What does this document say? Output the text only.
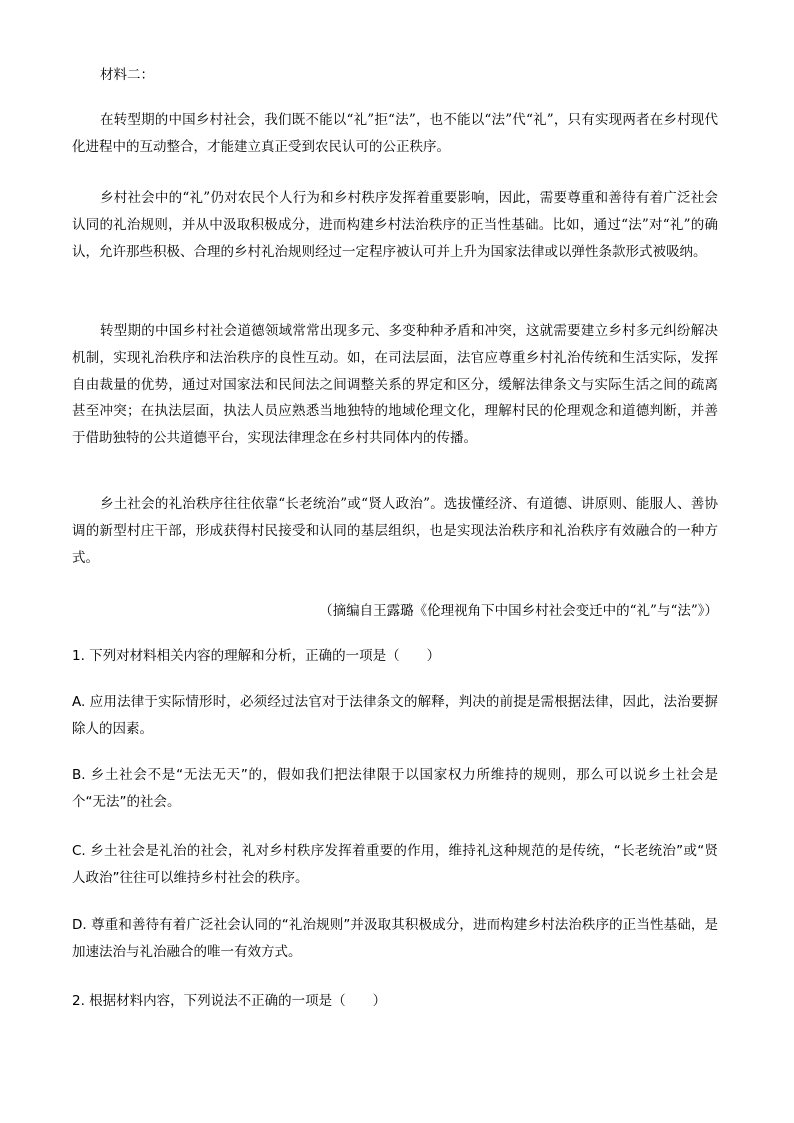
材料二：

在转型期的中国乡村社会，我们既不能以“礼”拒“法”，也不能以“法”代“礼”，只有实现两者在乡村现代化进程中的互动整合，才能建立真正受到农民认可的公正秩序。

乡村社会中的“礼”仍对农民个人行为和乡村秩序发挥着重要影响，因此，需要尊重和善待有着广泛社会认同的礼治规则，并从中汲取积极成分，进而构建乡村法治秩序的正当性基础。比如，通过“法”对“礼”的确认，允许那些积极、合理的乡村礼治规则经过一定程序被认可并上升为国家法律或以弹性条款形式被吸纳。

转型期的中国乡村社会道德领域常常出现多元、多变种种矛盾和冲突，这就需要建立乡村多元纠纷解决机制，实现礼治秩序和法治秩序的良性互动。如，在司法层面，法官应尊重乡村礼治传统和生活实际，发挥自由裁量的优势，通过对国家法和民间法之间调整关系的界定和区分，缓解法律条文与实际生活之间的疏离甚至冲突；在执法层面，执法人员应熟悉当地独特的地域伦理文化，理解村民的伦理观念和道德判断，并善于借助独特的公共道德平台，实现法律理念在乡村共同体内的传播。

乡土社会的礼治秩序往往依靠“长老统治”或“贤人政治”。选拔懂经济、有道德、讲原则、能服人、善协调的新型村庄干部，形成获得村民接受和认同的基层组织，也是实现法治秩序和礼治秩序有效融合的一种方式。

（摘编自王露璐《伦理视角下中国乡村社会变迁中的“礼”与“法”》）

1. 下列对材料相关内容的理解和分析，正确的一项是（　　）

A. 应用法律于实际情形时，必须经过法官对于法律条文的解释，判决的前提是需根据法律，因此，法治要摒除人的因素。

B. 乡土社会不是“无法无天”的，假如我们把法律限于以国家权力所维持的规则，那么可以说乡土社会是个“无法”的社会。

C. 乡土社会是礼治的社会，礼对乡村秩序发挥着重要的作用，维持礼这种规范的是传统，“长老统治”或“贤人政治”往往可以维持乡村社会的秩序。

D. 尊重和善待有着广泛社会认同的“礼治规则”并汲取其积极成分，进而构建乡村法治秩序的正当性基础，是加速法治与礼治融合的唯一有效方式。

2. 根据材料内容，下列说法不正确的一项是（　　）
